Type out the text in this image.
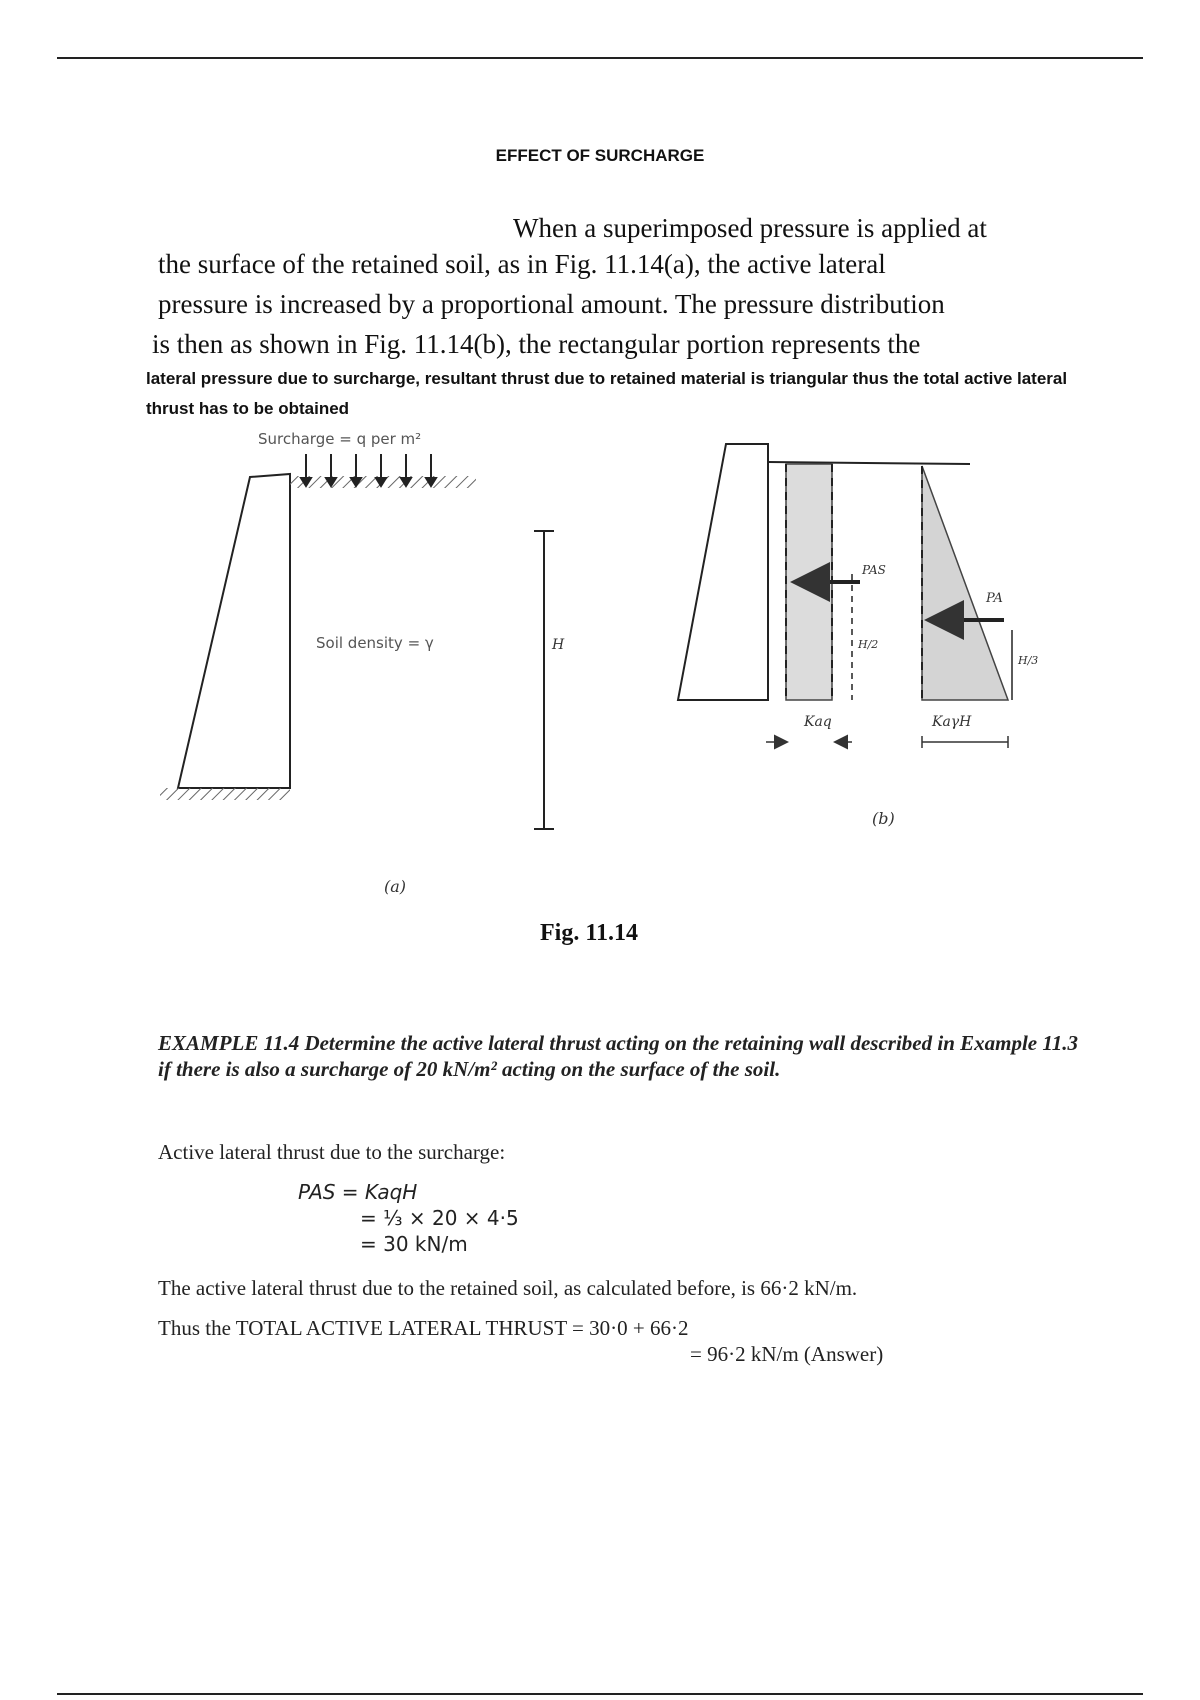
EFFECT OF SURCHARGE
When a superimposed pressure is applied at
the surface of the retained soil, as in Fig. 11.14(a), the active lateral
pressure is increased by a proportional amount. The pressure distribution
is then as shown in Fig. 11.14(b), the rectangular portion represents the
lateral pressure due to surcharge, resultant thrust due to retained material is triangular thus the total active lateral thrust has to be obtained
Surcharge = q per m²
Soil density = γ	H
(a)
PAS
H/2
PA
H/3
Kaq	KaγH
(b)
Fig. 11.14
EXAMPLE 11.4 Determine the active lateral thrust acting on the retaining wall described in Example 11.3 if there is also a surcharge of 20 kN/m² acting on the surface of the soil.
Active lateral thrust due to the surcharge:
PAS = KaqH
= ⅓ × 20 × 4·5
= 30 kN/m
The active lateral thrust due to the retained soil, as calculated before, is 66·2 kN/m.
Thus the TOTAL ACTIVE LATERAL THRUST = 30·0 + 66·2
= 96·2 kN/m (Answer)
